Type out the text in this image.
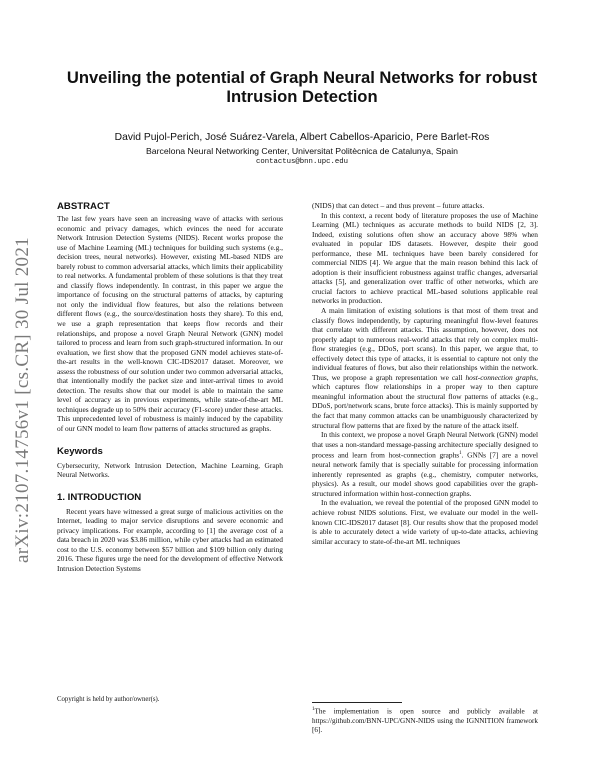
arXiv:2107.14756v1 [cs.CR] 30 Jul 2021
Unveiling the potential of Graph Neural Networks for robust Intrusion Detection
David Pujol-Perich, José Suárez-Varela, Albert Cabellos-Aparicio, Pere Barlet-Ros
Barcelona Neural Networking Center, Universitat Politècnica de Catalunya, Spain
contactus@bnn.upc.edu
ABSTRACT

The last few years have seen an increasing wave of attacks with serious economic and privacy damages, which evinces the need for accurate Network Intrusion Detection Systems (NIDS). Recent works propose the use of Machine Learning (ML) techniques for building such systems (e.g., decision trees, neural networks). However, existing ML-based NIDS are barely robust to common adversarial attacks, which limits their applicability to real networks. A fundamental problem of these solutions is that they treat and classify flows independently. In contrast, in this paper we argue the importance of focusing on the structural patterns of attacks, by capturing not only the individual flow features, but also the relations between different flows (e.g., the source/destination hosts they share). To this end, we use a graph representation that keeps flow records and their relationships, and propose a novel Graph Neural Network (GNN) model tailored to process and learn from such graph-structured information. In our evaluation, we first show that the proposed GNN model achieves state-of-the-art results in the well-known CIC-IDS2017 dataset. Moreover, we assess the robustness of our solution under two common adversarial attacks, that intentionally modify the packet size and inter-arrival times to avoid detection. The results show that our model is able to maintain the same level of accuracy as in previous experiments, while state-of-the-art ML techniques degrade up to 50% their accuracy (F1-score) under these attacks. This unprecedented level of robustness is mainly induced by the capability of our GNN model to learn flow patterns of attacks structured as graphs.

Keywords

Cybersecurity, Network Intrusion Detection, Machine Learning, Graph Neural Networks.

1. INTRODUCTION

Recent years have witnessed a great surge of malicious activities on the Internet, leading to major service disruptions and severe economic and privacy implications. For example, according to [1] the average cost of a data breach in 2020 was $3.86 million, while cyber attacks had an estimated cost to the U.S. economy between $57 billion and $109 billion only during 2016. These figures urge the need for the development of effective Network Intrusion Detection Systems

Copyright is held by author/owner(s).

(NIDS) that can detect – and thus prevent – future attacks.

In this context, a recent body of literature proposes the use of Machine Learning (ML) techniques as accurate methods to build NIDS [2, 3]. Indeed, existing solutions often show an accuracy above 98% when evaluated in popular IDS datasets. However, despite their good performance, these ML techniques have been barely considered for commercial NIDS [4]. We argue that the main reason behind this lack of adoption is their insufficient robustness against traffic changes, adversarial attacks [5], and generalization over traffic of other networks, which are crucial factors to achieve practical ML-based solutions applicable real networks in production.

A main limitation of existing solutions is that most of them treat and classify flows independently, by capturing meaningful flow-level features that correlate with different attacks. This assumption, however, does not properly adapt to numerous real-world attacks that rely on complex multi-flow strategies (e.g., DDoS, port scans). In this paper, we argue that, to effectively detect this type of attacks, it is essential to capture not only the individual features of flows, but also their relationships within the network. Thus, we propose a graph representation we call host-connection graphs, which captures flow relationships in a proper way to then capture meaningful information about the structural flow patterns of attacks (e.g., DDoS, port/network scans, brute force attacks). This is mainly supported by the fact that many common attacks can be unambiguously characterized by structural flow patterns that are fixed by the nature of the attack itself.

In this context, we propose a novel Graph Neural Network (GNN) model that uses a non-standard message-passing architecture specially designed to process and learn from host-connection graphs$^1$. GNNs [7] are a novel neural network family that is specially suitable for processing information inherently represented as graphs (e.g., chemistry, computer networks, physics). As a result, our model shows good capabilities over the graph-structured information within host-connection graphs.

In the evaluation, we reveal the potential of the proposed GNN model to achieve robust NIDS solutions. First, we evaluate our model in the well-known CIC-IDS2017 dataset [8]. Our results show that the proposed model is able to accurately detect a wide variety of up-to-date attacks, achieving similar accuracy to state-of-the-art ML techniques

$^1$The implementation is open source and publicly available at https://github.com/BNN-UPC/GNN-NIDS using the IGNNITION framework [6].
